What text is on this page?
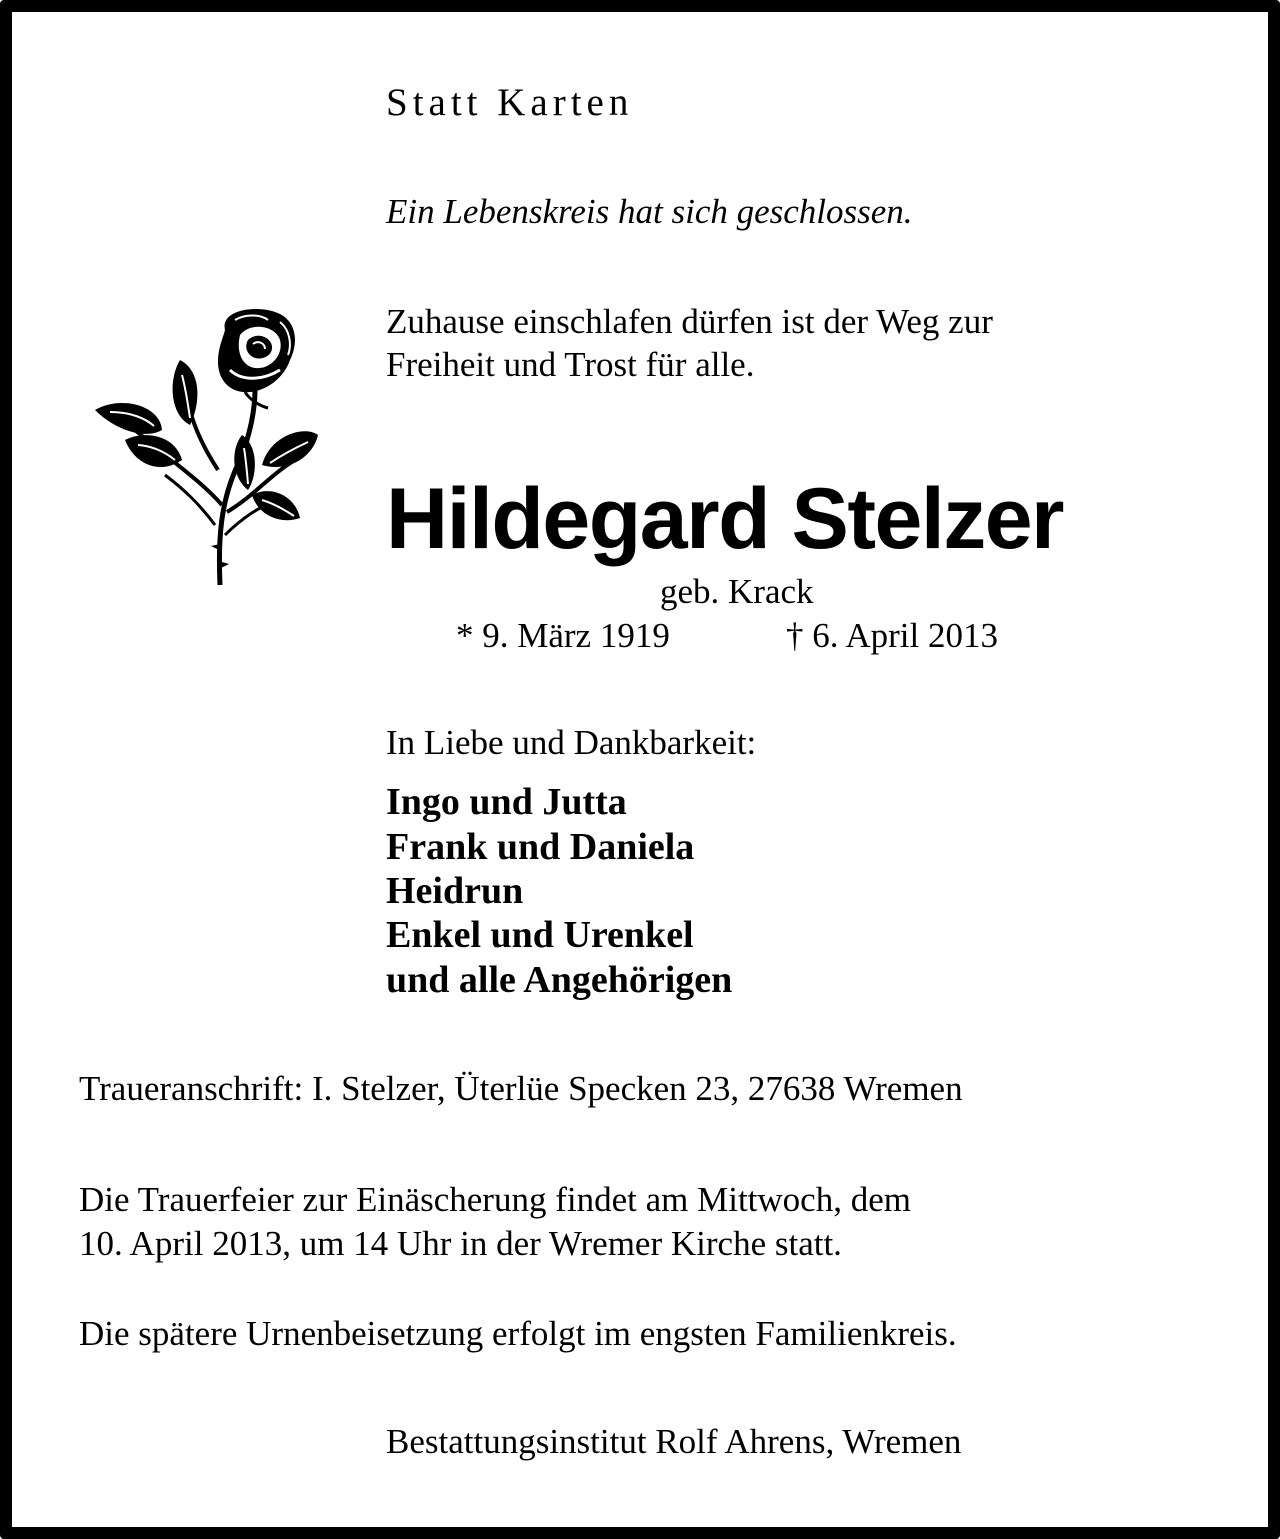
Statt Karten

Ein Lebenskreis hat sich geschlossen.

Zuhause einschlafen dürfen ist der Weg zur

Freiheit und Trost für alle.

Hildegard Stelzer

geb. Krack

* 9. März 1919	† 6. April 2013

In Liebe und Dankbarkeit:

Ingo und Jutta

Frank und Daniela

Heidrun

Enkel und Urenkel

und alle Angehörigen

Traueranschrift: I. Stelzer, Üterlüe Specken 23, 27638 Wremen

Die Trauerfeier zur Einäscherung findet am Mittwoch, dem

10. April 2013, um 14 Uhr in der Wremer Kirche statt.

Die spätere Urnenbeisetzung erfolgt im engsten Familienkreis.

Bestattungsinstitut Rolf Ahrens, Wremen
